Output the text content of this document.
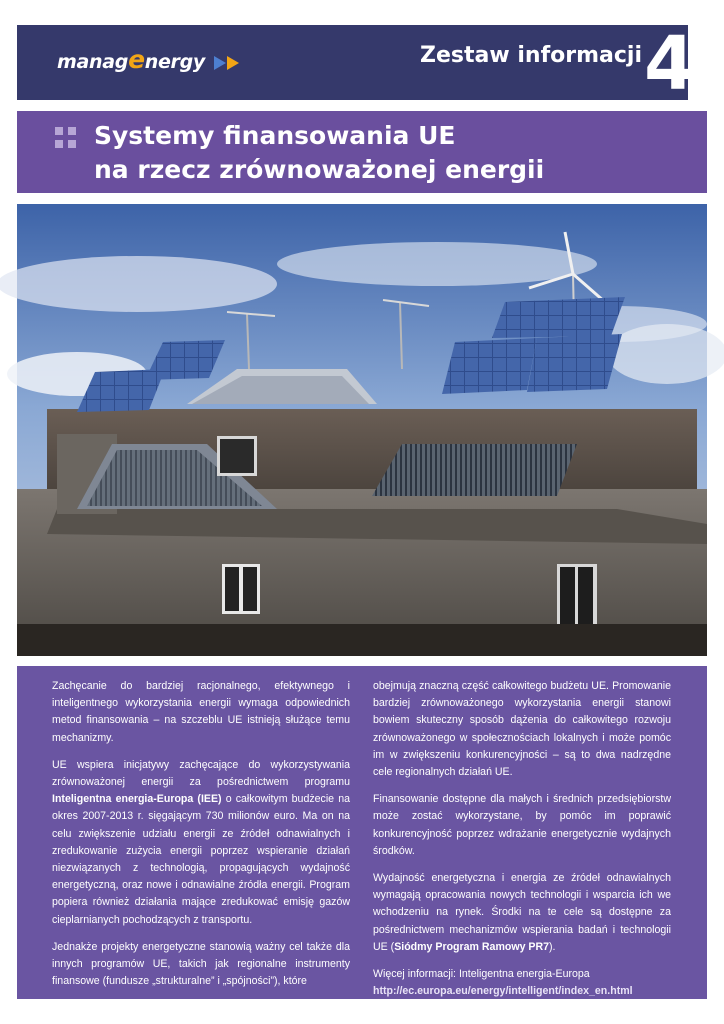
managenergy	Zestaw informacji 4
Systemy finansowania UE
na rzecz zrównoważonej energii

Zachęcanie do bardziej racjonalnego, efektywnego i inteligentnego wykorzystania energii wymaga odpowiednich metod finansowania – na szczeblu UE istnieją służące temu mechanizmy.

UE wspiera inicjatywy zachęcające do wykorzystywania zrównoważonej energii za pośrednictwem programu Inteligentna energia-Europa (IEE) o całkowitym budżecie na okres 2007-2013 r. sięgającym 730 milionów euro. Ma on na celu zwiększenie udziału energii ze źródeł odnawialnych i zredukowanie zużycia energii poprzez wspieranie działań niezwiązanych z technologią, propagujących wydajność energetyczną, oraz nowe i odnawialne źródła energii. Program popiera również działania mające zredukować emisję gazów cieplarnianych pochodzących z transportu.

Jednakże projekty energetyczne stanowią ważny cel także dla innych programów UE, takich jak regionalne instrumenty finansowe (fundusze „strukturalne” i „spójności”), które

obejmują znaczną część całkowitego budżetu UE. Promowanie bardziej zrównoważonego wykorzystania energii stanowi bowiem skuteczny sposób dążenia do całkowitego rozwoju zrównoważonego w społecznościach lokalnych i może pomóc im w zwiększeniu konkurencyjności – są to dwa nadrzędne cele regionalnych działań UE.

Finansowanie dostępne dla małych i średnich przedsiębiorstw może zostać wykorzystane, by pomóc im poprawić konkurencyjność poprzez wdrażanie energetycznie wydajnych środków.

Wydajność energetyczna i energia ze źródeł odnawialnych wymagają opracowania nowych technologii i wsparcia ich we wchodzeniu na rynek. Środki na te cele są dostępne za pośrednictwem mechanizmów wspierania badań i technologii UE (Siódmy Program Ramowy PR7).

Więcej informacji: Inteligentna energia-Europa
http://ec.europa.eu/energy/intelligent/index_en.html
